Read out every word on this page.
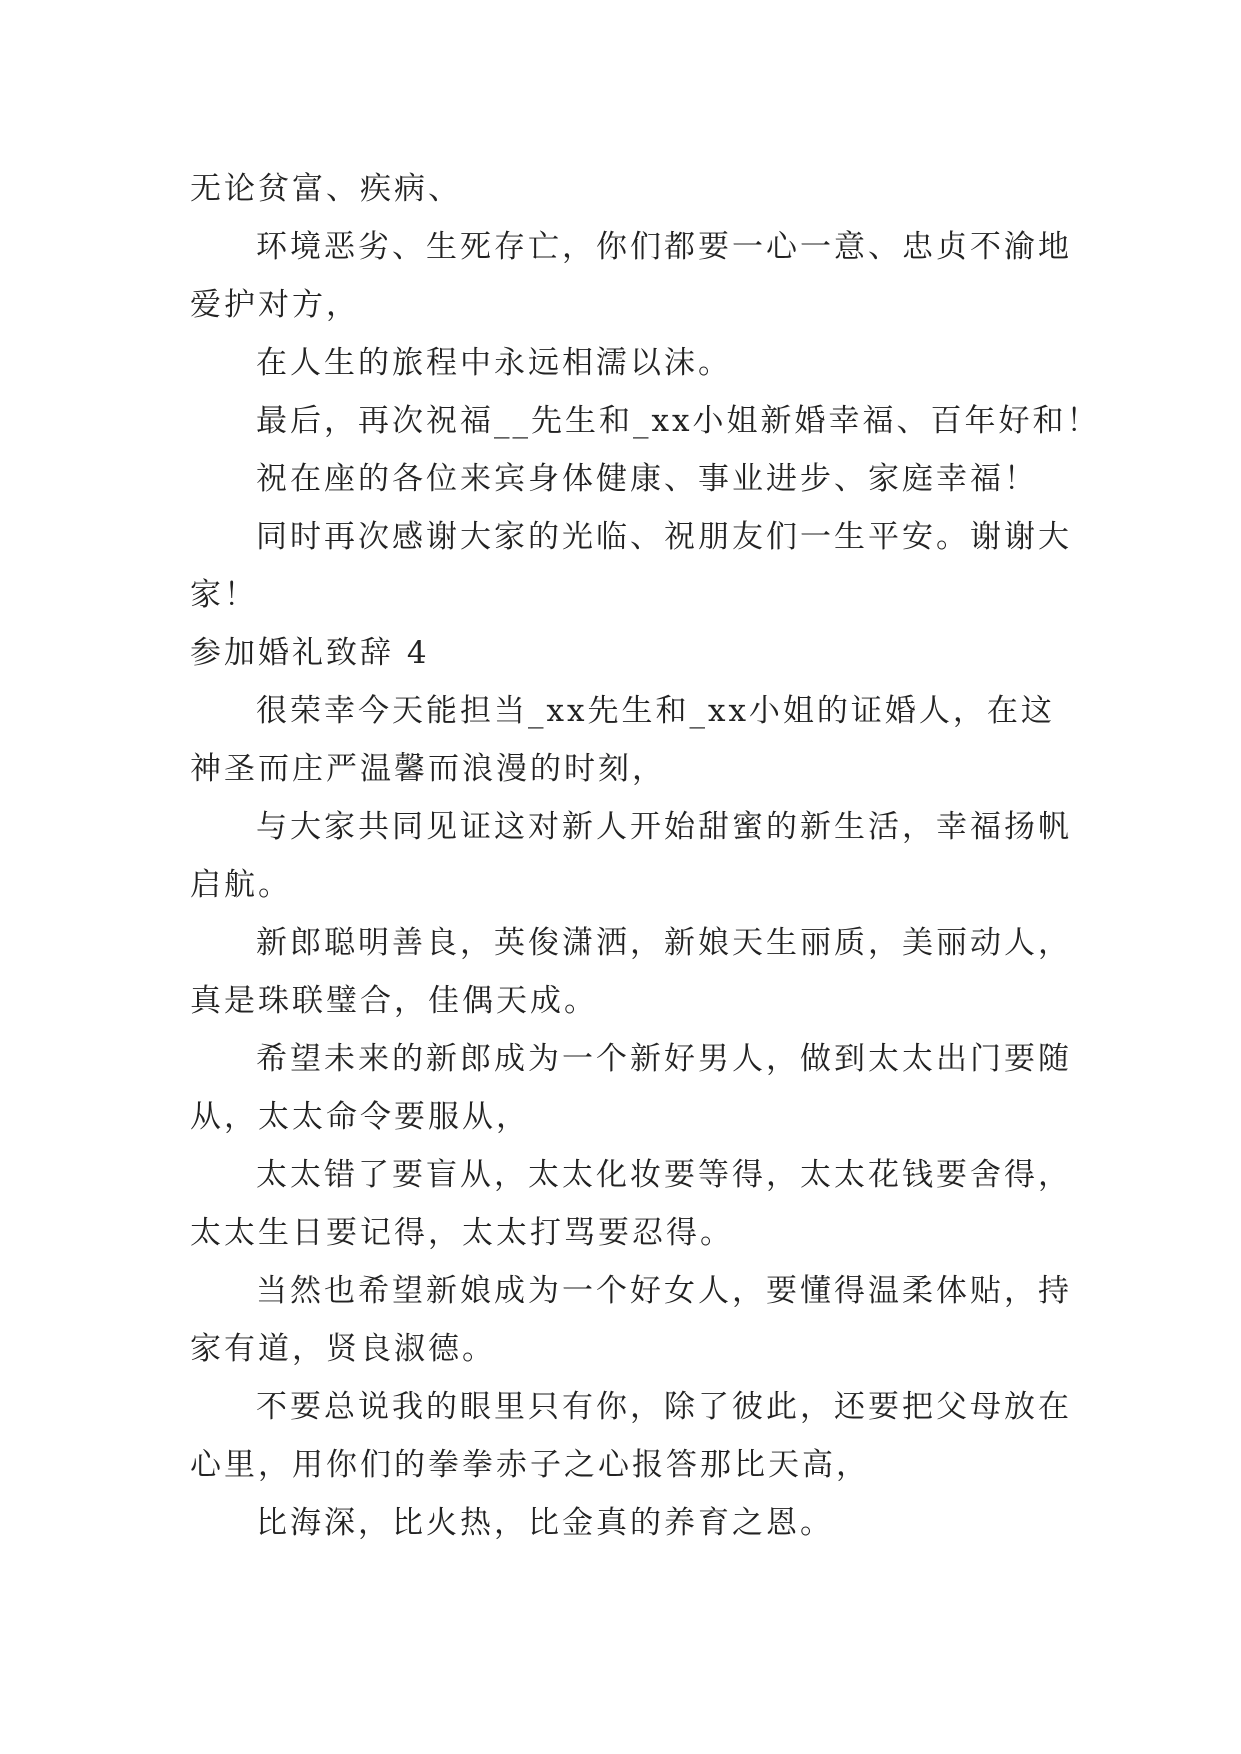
无论贫富、疾病、
环境恶劣、生死存亡，你们都要一心一意、忠贞不渝地
爱护对方，
在人生的旅程中永远相濡以沫。
最后，再次祝福__先生和_xx小姐新婚幸福、百年好和！
祝在座的各位来宾身体健康、事业进步、家庭幸福！
同时再次感谢大家的光临、祝朋友们一生平安。谢谢大
家！
参加婚礼致辞 4
很荣幸今天能担当_xx先生和_xx小姐的证婚人，在这
神圣而庄严温馨而浪漫的时刻，
与大家共同见证这对新人开始甜蜜的新生活，幸福扬帆
启航。
新郎聪明善良，英俊潇洒，新娘天生丽质，美丽动人，
真是珠联璧合，佳偶天成。
希望未来的新郎成为一个新好男人，做到太太出门要随
从，太太命令要服从，
太太错了要盲从，太太化妆要等得，太太花钱要舍得，
太太生日要记得，太太打骂要忍得。
当然也希望新娘成为一个好女人，要懂得温柔体贴，持
家有道，贤良淑德。
不要总说我的眼里只有你，除了彼此，还要把父母放在
心里，用你们的拳拳赤子之心报答那比天高，
比海深，比火热，比金真的养育之恩。
